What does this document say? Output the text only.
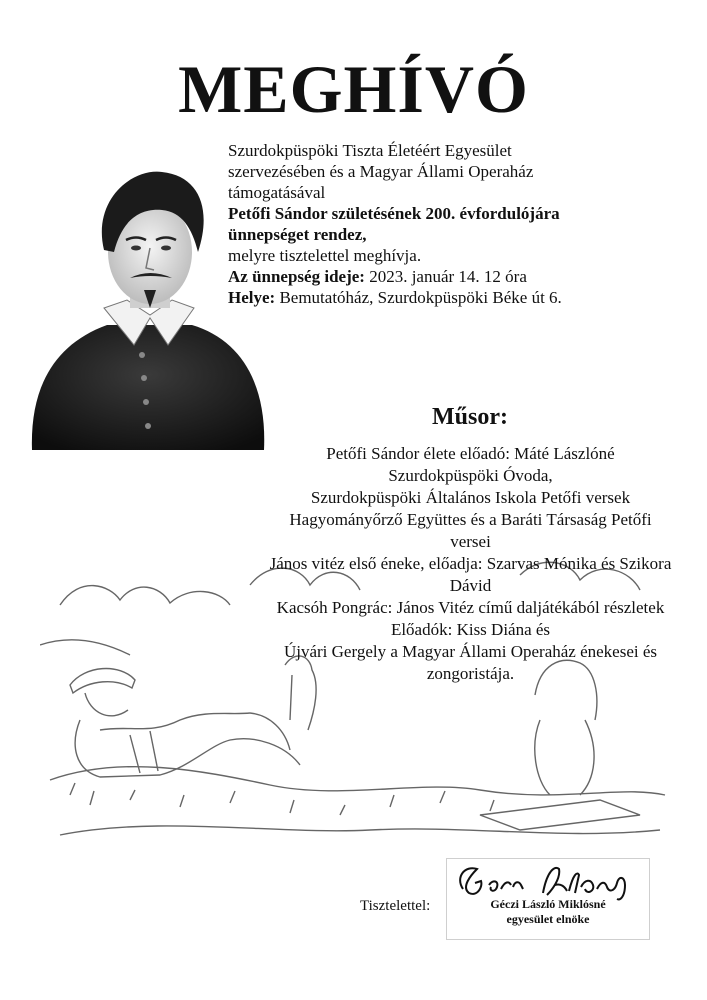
MEGHÍVÓ
Szurdokpüspöki Tiszta Életéért Egyesület
szervezésében és a Magyar Állami Operaház
támogatásával
Petőfi Sándor születésének 200. évfordulójára
ünnepséget rendez,
melyre tisztelettel meghívja.
Az ünnepség ideje: 2023. január 14. 12 óra
Helye: Bemutatóház, Szurdokpüspöki Béke út 6.
Műsor:
Petőfi Sándor élete előadó: Máté Lászlóné
Szurdokpüspöki Óvoda,
Szurdokpüspöki Általános Iskola Petőfi versek
Hagyományőrző Együttes és a Baráti Társaság Petőfi versei
János vitéz első éneke, előadja: Szarvas Mónika és Szikora Dávid
Kacsóh Pongrác: János Vitéz című daljátékából részletek
Előadók: Kiss Diána és
Újvári Gergely a Magyar Állami Operaház énekesei és zongoristája.
Tisztelettel:	Géczi László Miklósné
egyesület elnöke
